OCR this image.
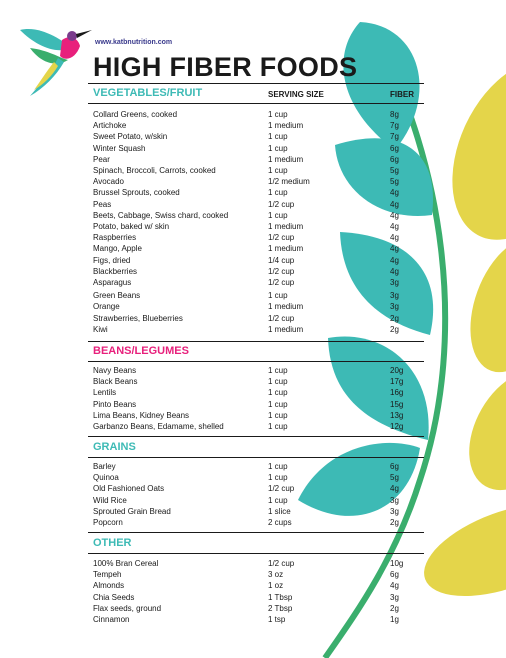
www.katbnutrition.com
HIGH FIBER FOODS
SERVING SIZE	FIBER
VEGETABLES/FRUIT
Collard Greens, cooked	1 cup	8g
Artichoke	1 medium	7g
Sweet Potato, w/skin	1 cup	7g
Winter Squash	1 cup	6g
Pear	1 medium	6g
Spinach, Broccoli, Carrots, cooked	1 cup	5g
Avocado	1/2 medium	5g
Brussel Sprouts, cooked	1 cup	4g
Peas	1/2 cup	4g
Beets, Cabbage, Swiss chard, cooked	1 cup	4g
Potato, baked w/ skin	1 medium	4g
Raspberries	1/2 cup	4g
Mango, Apple	1 medium	4g
Figs, dried	1/4 cup	4g
Blackberries	1/2 cup	4g
Asparagus	1/2 cup	3g
Green Beans	1 cup	3g
Orange	1 medium	3g
Strawberries, Blueberries	1/2 cup	2g
Kiwi	1 medium	2g
BEANS/LEGUMES
Navy Beans	1 cup	20g
Black Beans	1 cup	17g
Lentils	1 cup	16g
Pinto Beans	1 cup	15g
Lima Beans, Kidney Beans	1 cup	13g
Garbanzo Beans, Edamame, shelled	1 cup	12g
GRAINS
Barley	1 cup	6g
Quinoa	1 cup	5g
Old Fashioned Oats	1/2 cup	4g
Wild Rice	1 cup	3g
Sprouted Grain Bread	1 slice	3g
Popcorn	2 cups	2g
OTHER
100% Bran Cereal	1/2 cup	10g
Tempeh	3 oz	6g
Almonds	1 oz	4g
Chia Seeds	1 Tbsp	3g
Flax seeds, ground	2 Tbsp	2g
Cinnamon	1 tsp	1g
